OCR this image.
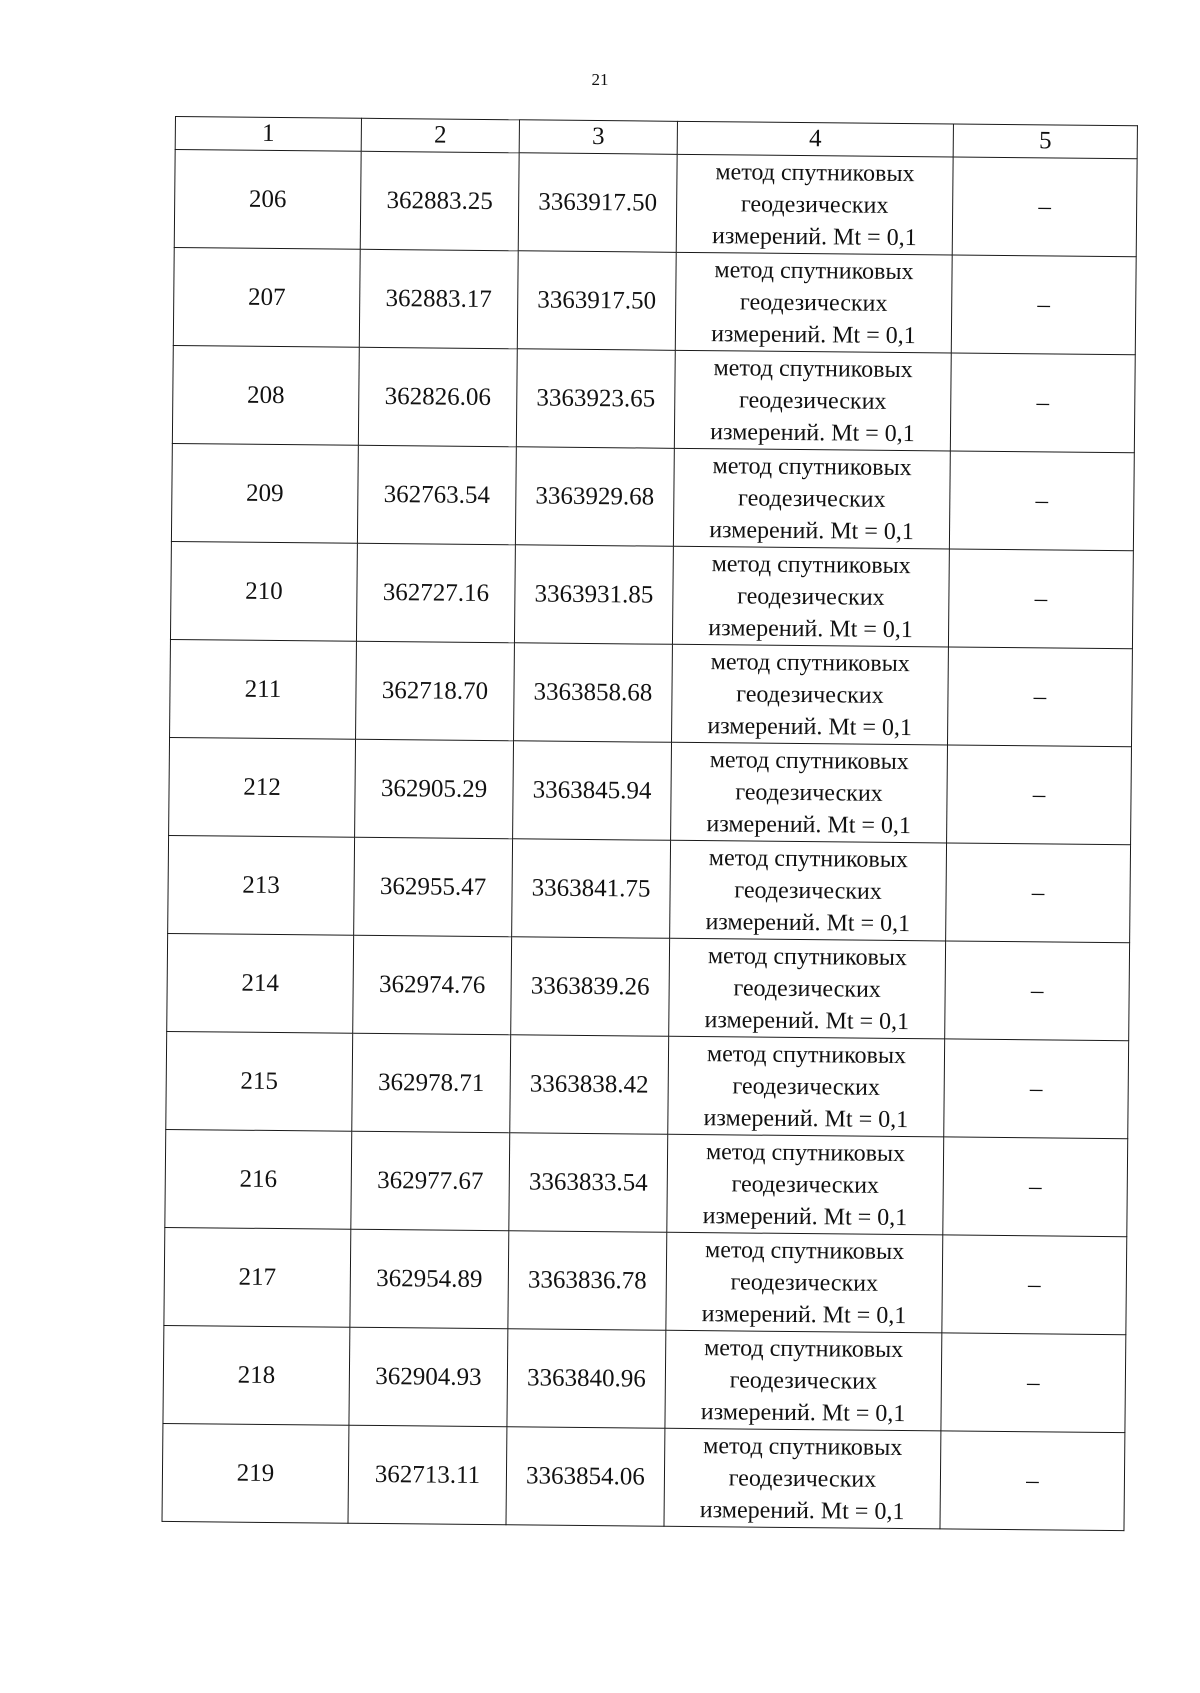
21
1	2	3	4	5
206	362883.25	3363917.50	метод спутниковых
геодезических
измерений. Mt = 0,1	–
207	362883.17	3363917.50	метод спутниковых
геодезических
измерений. Mt = 0,1	–
208	362826.06	3363923.65	метод спутниковых
геодезических
измерений. Mt = 0,1	–
209	362763.54	3363929.68	метод спутниковых
геодезических
измерений. Mt = 0,1	–
210	362727.16	3363931.85	метод спутниковых
геодезических
измерений. Mt = 0,1	–
211	362718.70	3363858.68	метод спутниковых
геодезических
измерений. Mt = 0,1	–
212	362905.29	3363845.94	метод спутниковых
геодезических
измерений. Mt = 0,1	–
213	362955.47	3363841.75	метод спутниковых
геодезических
измерений. Mt = 0,1	–
214	362974.76	3363839.26	метод спутниковых
геодезических
измерений. Mt = 0,1	–
215	362978.71	3363838.42	метод спутниковых
геодезических
измерений. Mt = 0,1	–
216	362977.67	3363833.54	метод спутниковых
геодезических
измерений. Mt = 0,1	–
217	362954.89	3363836.78	метод спутниковых
геодезических
измерений. Mt = 0,1	–
218	362904.93	3363840.96	метод спутниковых
геодезических
измерений. Mt = 0,1	–
219	362713.11	3363854.06	метод спутниковых
геодезических
измерений. Mt = 0,1	–
